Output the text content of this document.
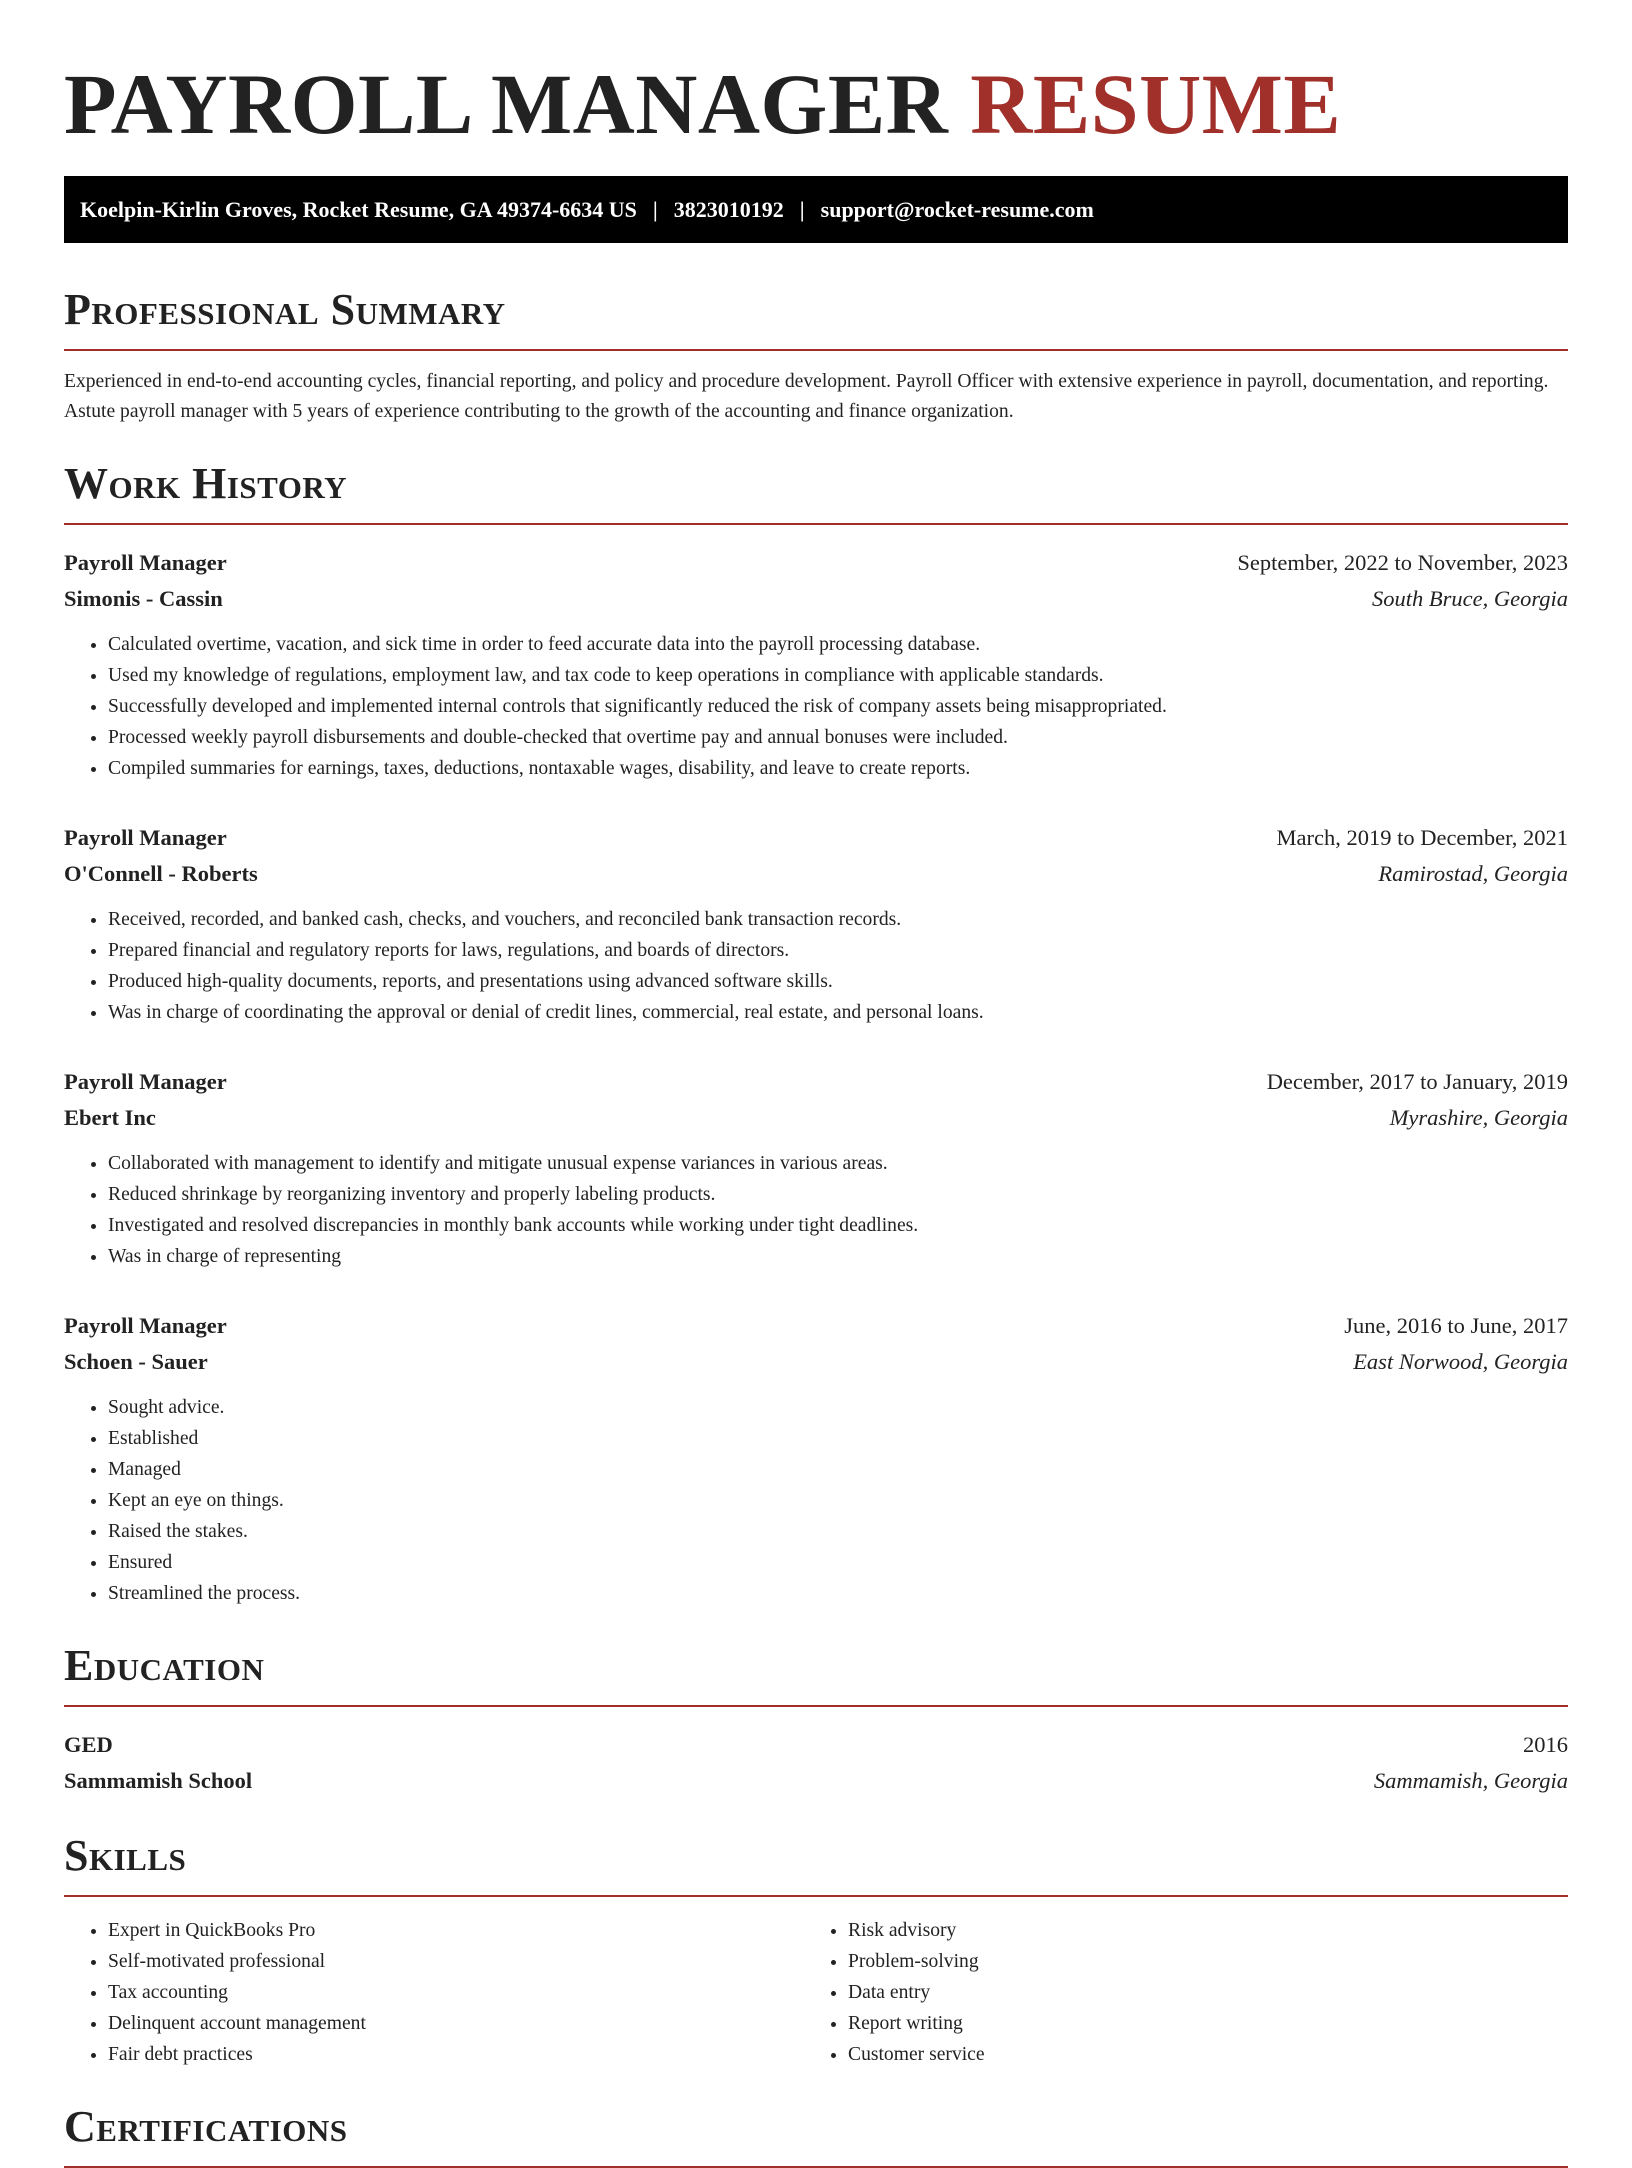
PAYROLL MANAGER RESUME
Koelpin-Kirlin Groves, Rocket Resume, GA 49374-6634 US | 3823010192 | support@rocket-resume.com
Professional Summary

Experienced in end-to-end accounting cycles, financial reporting, and policy and procedure development. Payroll Officer with extensive experience in payroll, documentation, and reporting. Astute payroll manager with 5 years of experience contributing to the growth of the accounting and finance organization.

Work History
Payroll Manager	September, 2022 to November, 2023
Simonis - Cassin	South Bruce, Georgia
• Calculated overtime, vacation, and sick time in order to feed accurate data into the payroll processing database.
• Used my knowledge of regulations, employment law, and tax code to keep operations in compliance with applicable standards.
• Successfully developed and implemented internal controls that significantly reduced the risk of company assets being misappropriated.
• Processed weekly payroll disbursements and double-checked that overtime pay and annual bonuses were included.
• Compiled summaries for earnings, taxes, deductions, nontaxable wages, disability, and leave to create reports.
Payroll Manager	March, 2019 to December, 2021
O'Connell - Roberts	Ramirostad, Georgia
• Received, recorded, and banked cash, checks, and vouchers, and reconciled bank transaction records.
• Prepared financial and regulatory reports for laws, regulations, and boards of directors.
• Produced high-quality documents, reports, and presentations using advanced software skills.
• Was in charge of coordinating the approval or denial of credit lines, commercial, real estate, and personal loans.
Payroll Manager	December, 2017 to January, 2019
Ebert Inc	Myrashire, Georgia
• Collaborated with management to identify and mitigate unusual expense variances in various areas.
• Reduced shrinkage by reorganizing inventory and properly labeling products.
• Investigated and resolved discrepancies in monthly bank accounts while working under tight deadlines.
• Was in charge of representing
Payroll Manager	June, 2016 to June, 2017
Schoen - Sauer	East Norwood, Georgia
• Sought advice.
• Established
• Managed
• Kept an eye on things.
• Raised the stakes.
• Ensured
• Streamlined the process.
Education
GED	2016
Sammamish School	Sammamish, Georgia
Skills
• Expert in QuickBooks Pro
• Self-motivated professional
• Tax accounting
• Delinquent account management
• Fair debt practices
• Risk advisory
• Problem-solving
• Data entry
• Report writing
• Customer service
Certifications
